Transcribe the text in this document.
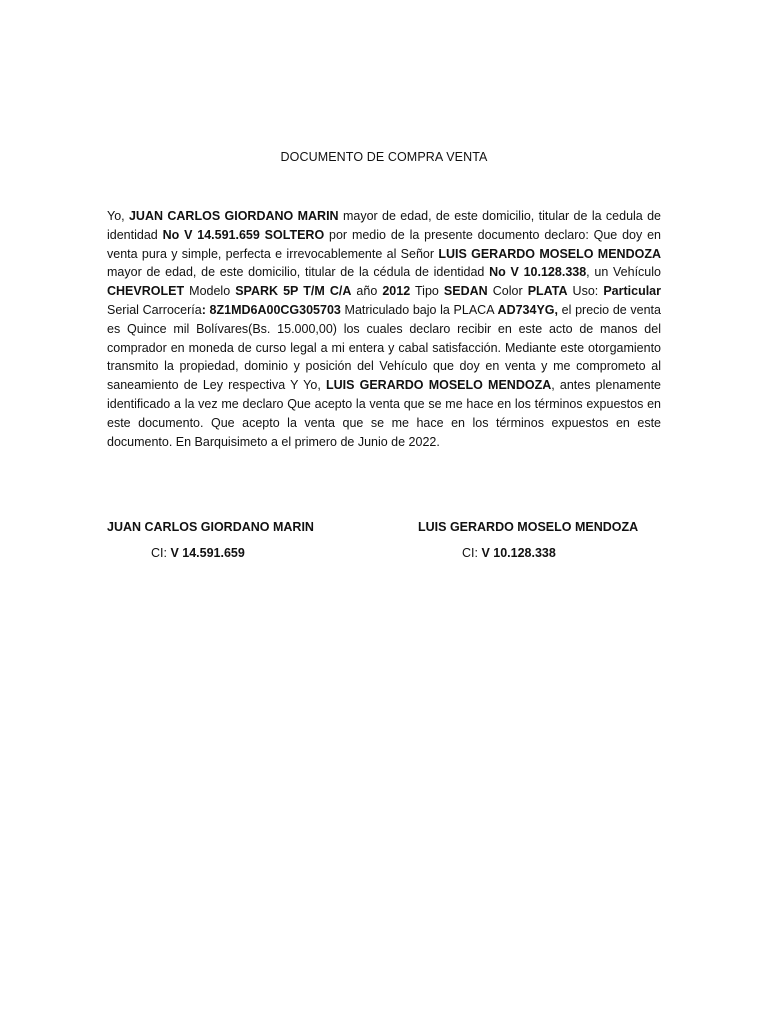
DOCUMENTO DE COMPRA VENTA
Yo, JUAN CARLOS GIORDANO MARIN mayor de edad, de este domicilio, titular de la cedula de identidad No V 14.591.659 SOLTERO por medio de la presente documento declaro: Que doy en venta pura y simple, perfecta e irrevocablemente al Señor LUIS GERARDO MOSELO MENDOZA mayor de edad, de este domicilio, titular de la cédula de identidad No V 10.128.338, un Vehículo CHEVROLET Modelo SPARK 5P T/M C/A año 2012 Tipo SEDAN Color PLATA Uso: Particular Serial Carrocería: 8Z1MD6A00CG305703 Matriculado bajo la PLACA AD734YG, el precio de venta es Quince mil Bolívares(Bs. 15.000,00) los cuales declaro recibir en este acto de manos del comprador en moneda de curso legal a mi entera y cabal satisfacción. Mediante este otorgamiento transmito la propiedad, dominio y posición del Vehículo que doy en venta y me comprometo al saneamiento de Ley respectiva Y Yo, LUIS GERARDO MOSELO MENDOZA, antes plenamente identificado a la vez me declaro Que acepto la venta que se me hace en los términos expuestos en este documento. Que acepto la venta que se me hace en los términos expuestos en este documento. En Barquisimeto a el primero de Junio de 2022.
JUAN CARLOS GIORDANO MARIN
CI: V 14.591.659
LUIS GERARDO MOSELO MENDOZA
CI: V 10.128.338
